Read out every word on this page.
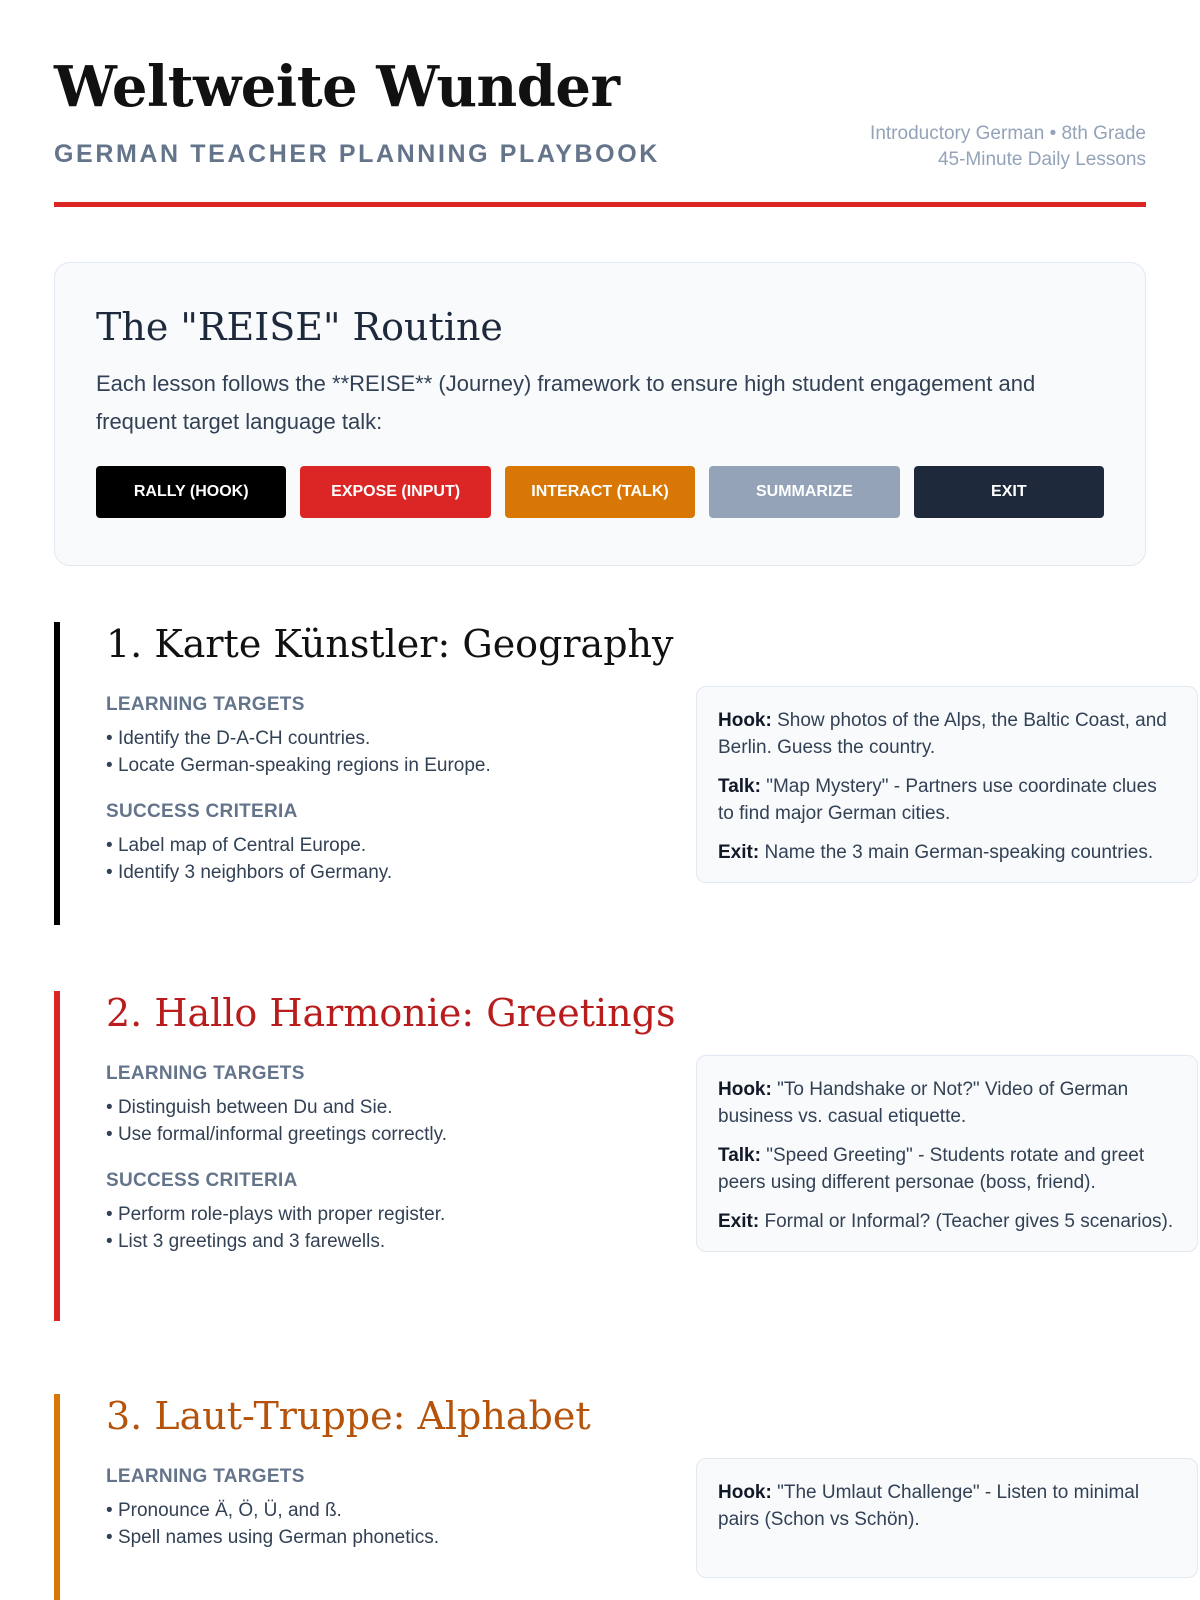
Weltweite Wunder
GERMAN TEACHER PLANNING PLAYBOOK
Introductory German • 8th Grade
45-Minute Daily Lessons
The "REISE" Routine

Each lesson follows the **REISE** (Journey) framework to ensure high student engagement and frequent target language talk:

RALLY (HOOK)	EXPOSE (INPUT)	INTERACT (TALK)	SUMMARIZE	EXIT
1. Karte Künstler: Geography
LEARNING TARGETS
• Identify the D-A-CH countries.
• Locate German-speaking regions in Europe.
SUCCESS CRITERIA
• Label map of Central Europe.
• Identify 3 neighbors of Germany.

Hook: Show photos of the Alps, the Baltic Coast, and Berlin. Guess the country.

Talk: "Map Mystery" - Partners use coordinate clues to find major German cities.

Exit: Name the 3 main German-speaking countries.

2. Hallo Harmonie: Greetings
LEARNING TARGETS
• Distinguish between Du and Sie.
• Use formal/informal greetings correctly.
SUCCESS CRITERIA
• Perform role-plays with proper register.
• List 3 greetings and 3 farewells.

Hook: "To Handshake or Not?" Video of German business vs. casual etiquette.

Talk: "Speed Greeting" - Students rotate and greet peers using different personae (boss, friend).

Exit: Formal or Informal? (Teacher gives 5 scenarios).

3. Laut-Truppe: Alphabet
LEARNING TARGETS
• Pronounce Ä, Ö, Ü, and ß.
• Spell names using German phonetics.

Hook: "The Umlaut Challenge" - Listen to minimal pairs (Schon vs Schön).
